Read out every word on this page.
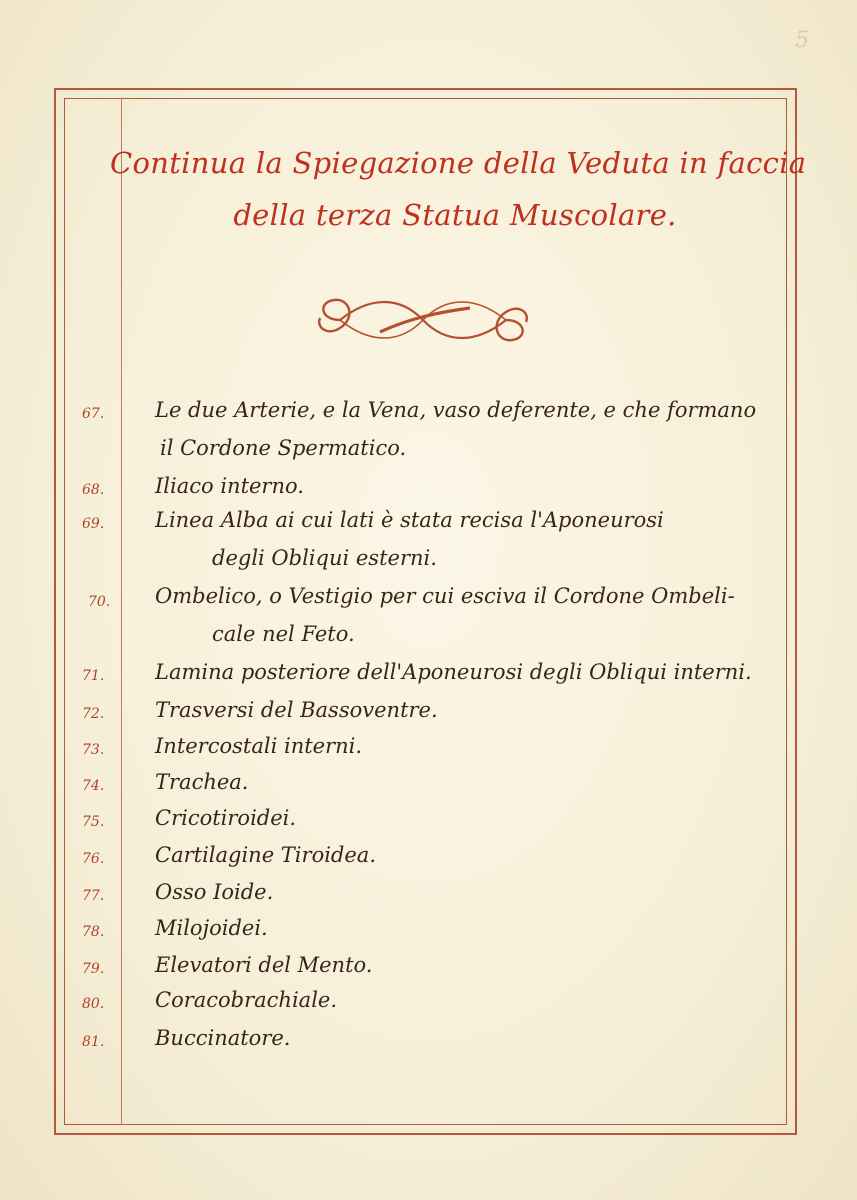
5
Continua la Spiegazione della Veduta in faccia
della terza Statua Muscolare.
67.	Le due Arterie, e la Vena, vaso deferente, e che formano
il Cordone Spermatico.
68.	Iliaco interno.
69.	Linea Alba ai cui lati è stata recisa l'Aponeurosi
degli Obliqui esterni.
70.	Ombelico, o Vestigio per cui esciva il Cordone Ombeli-
cale nel Feto.
71.	Lamina posteriore dell'Aponeurosi degli Obliqui interni.
72.	Trasversi del Bassoventre.
73.	Intercostali interni.
74.	Trachea.
75.	Cricotiroidei.
76.	Cartilagine Tiroidea.
77.	Osso Ioide.
78.	Milojoidei.
79.	Elevatori del Mento.
80.	Coracobrachiale.
81.	Buccinatore.
